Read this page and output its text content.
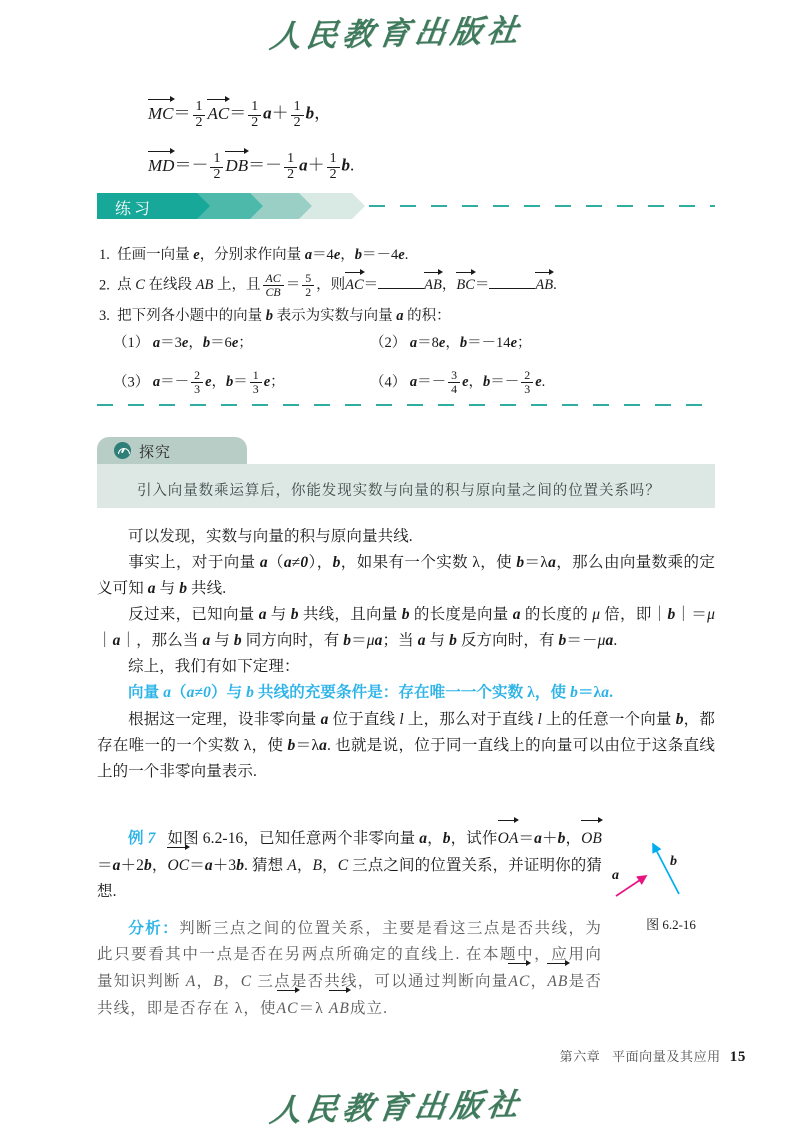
人民教育出版社
$MC= \frac{1}{2} AC= \frac{1}{2} a+ \frac{1}{2}$ b，
$MD=- \frac{1}{2} DB=- \frac{1}{2} a+ \frac{1}{2} b$.
练习
1.  任画一向量 e，分别求作向量 a＝4e，b＝－4e.
2.  点 C 在线段 AB 上，且 $\frac{AC}{CB} = \frac{5}{2}$ ，则AC＝	AB，BC＝	AB.
3.  把下列各小题中的向量 b 表示为实数与向量 a 的积：
（1） a＝3e，b＝6e；	（2） a＝8e，b＝－14e；
（3） $a=- \frac{2}{3}$ e，$b= \frac{1}{3}$ e；	（4） $a=- \frac{3}{4}$ e，$b=- \frac{2}{3} e$.
探究
引入向量数乘运算后，你能发现实数与向量的积与原向量之间的位置关系吗？
可以发现，实数与向量的积与原向量共线.
事实上，对于向量 a（a≠0），b，如果有一个实数 λ，使 b＝λa，那么由向量数乘的定义可知 a 与 b 共线.
反过来，已知向量 a 与 b 共线，且向量 b 的长度是向量 a 的长度的 μ 倍，即｜b｜＝μ｜a｜，那么当 a 与 b 同方向时，有 b＝μa；当 a 与 b 反方向时，有 b＝－μa.
综上，我们有如下定理：
向量 a（a≠0）与 b 共线的充要条件是：存在唯一一个实数 λ，使 b＝λa.
根据这一定理，设非零向量 a 位于直线 l 上，那么对于直线 l 上的任意一个向量 b，都存在唯一的一个实数 λ，使 b＝λa. 也就是说，位于同一直线上的向量可以由位于这条直线上的一个非零向量表示.
例 7   如图 6.2-16，已知任意两个非零向量 a，b，试作OA＝a＋b，OB＝a＋2b，OC＝a＋3b. 猜想 A，B，C 三点之间的位置关系，并证明你的猜想.
分析：判断三点之间的位置关系，主要是看这三点是否共线，为此只要看其中一点是否在另两点所确定的直线上. 在本题中，应用向量知识判断 A，B，C 三点是否共线，可以通过判断向量AC，AB是否共线，即是否存在 λ，使AC＝λ AB成立.
a
b
图 6.2-16
第六章 平面向量及其应用 15
人民教育出版社
